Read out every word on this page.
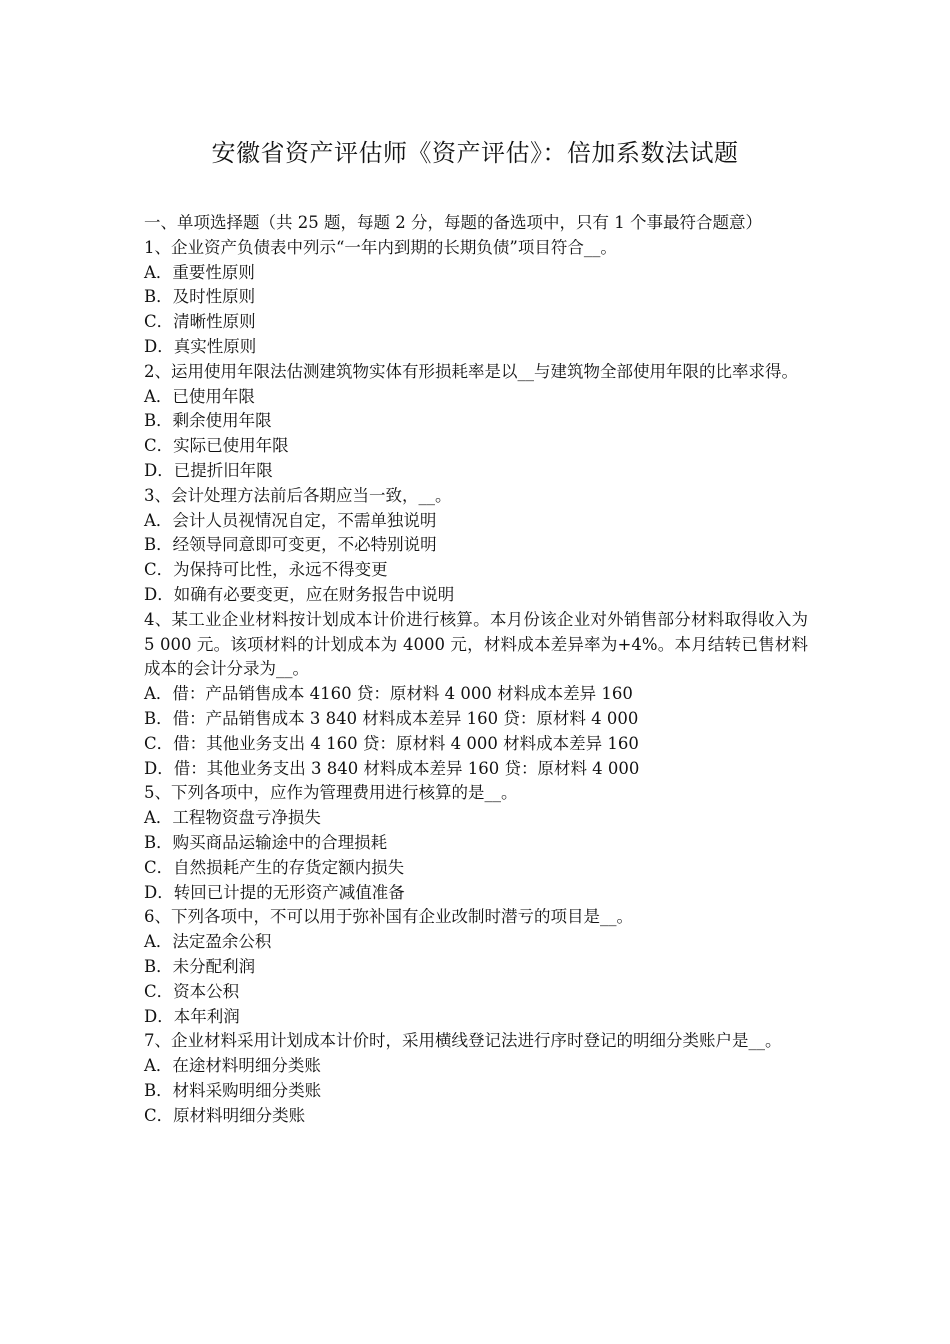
安徽省资产评估师《资产评估》：倍加系数法试题
一、单项选择题（共 25 题，每题 2 分，每题的备选项中，只有 1 个事最符合题意）
1、企业资产负债表中列示“一年内到期的长期负债”项目符合__。
A．重要性原则
B．及时性原则
C．清晰性原则
D．真实性原则
2、运用使用年限法估测建筑物实体有形损耗率是以__与建筑物全部使用年限的比率求得。
A．已使用年限
B．剩余使用年限
C．实际已使用年限
D．已提折旧年限
3、会计处理方法前后各期应当一致，__。
A．会计人员视情况自定，不需单独说明
B．经领导同意即可变更，不必特别说明
C．为保持可比性，永远不得变更
D．如确有必要变更，应在财务报告中说明
4、某工业企业材料按计划成本计价进行核算。本月份该企业对外销售部分材料取得收入为 5 000 元。该项材料的计划成本为 4000 元，材料成本差异率为+4%。本月结转已售材料成本的会计分录为__。
A．借：产品销售成本 4160 贷：原材料 4 000 材料成本差异 160
B．借：产品销售成本 3 840 材料成本差异 160 贷：原材料 4 000
C．借：其他业务支出 4 160 贷：原材料 4 000 材料成本差异 160
D．借：其他业务支出 3 840 材料成本差异 160 贷：原材料 4 000
5、下列各项中，应作为管理费用进行核算的是__。
A．工程物资盘亏净损失
B．购买商品运输途中的合理损耗
C．自然损耗产生的存货定额内损失
D．转回已计提的无形资产减值准备
6、下列各项中，不可以用于弥补国有企业改制时潜亏的项目是__。
A．法定盈余公积
B．未分配利润
C．资本公积
D．本年利润
7、企业材料采用计划成本计价时，采用横线登记法进行序时登记的明细分类账户是__。
A．在途材料明细分类账
B．材料采购明细分类账
C．原材料明细分类账
